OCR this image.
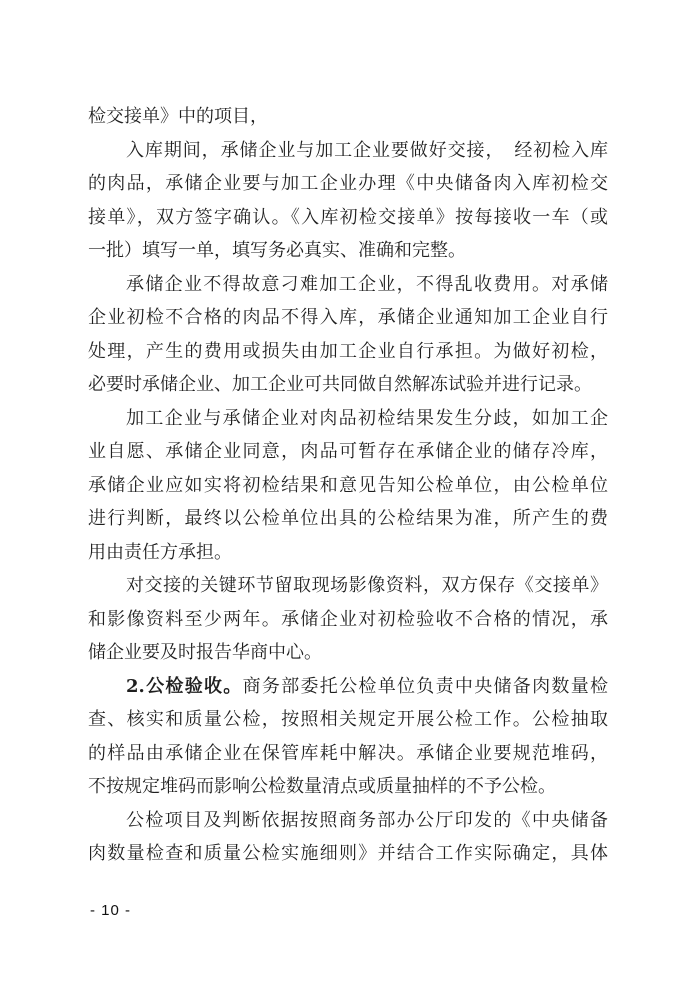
检交接单》中的项目，

入库期间，承储企业与加工企业要做好交接，　经初检入库

的肉品，承储企业要与加工企业办理《中央储备肉入库初检交

接单》，双方签字确认。《入库初检交接单》按每接收一车（或

一批）填写一单，填写务必真实、准确和完整。

承储企业不得故意刁难加工企业，不得乱收费用。对承储

企业初检不合格的肉品不得入库，承储企业通知加工企业自行

处理，产生的费用或损失由加工企业自行承担。为做好初检，

必要时承储企业、加工企业可共同做自然解冻试验并进行记录。

加工企业与承储企业对肉品初检结果发生分歧，如加工企

业自愿、承储企业同意，肉品可暂存在承储企业的储存冷库，

承储企业应如实将初检结果和意见告知公检单位，由公检单位

进行判断，最终以公检单位出具的公检结果为准，所产生的费

用由责任方承担。

对交接的关键环节留取现场影像资料，双方保存《交接单》

和影像资料至少两年。承储企业对初检验收不合格的情况，承

储企业要及时报告华商中心。

2.公检验收。商务部委托公检单位负责中央储备肉数量检

查、核实和质量公检，按照相关规定开展公检工作。公检抽取

的样品由承储企业在保管库耗中解决。承储企业要规范堆码，

不按规定堆码而影响公检数量清点或质量抽样的不予公检。

公检项目及判断依据按照商务部办公厅印发的《中央储备

肉数量检查和质量公检实施细则》并结合工作实际确定，具体

- 10 -
